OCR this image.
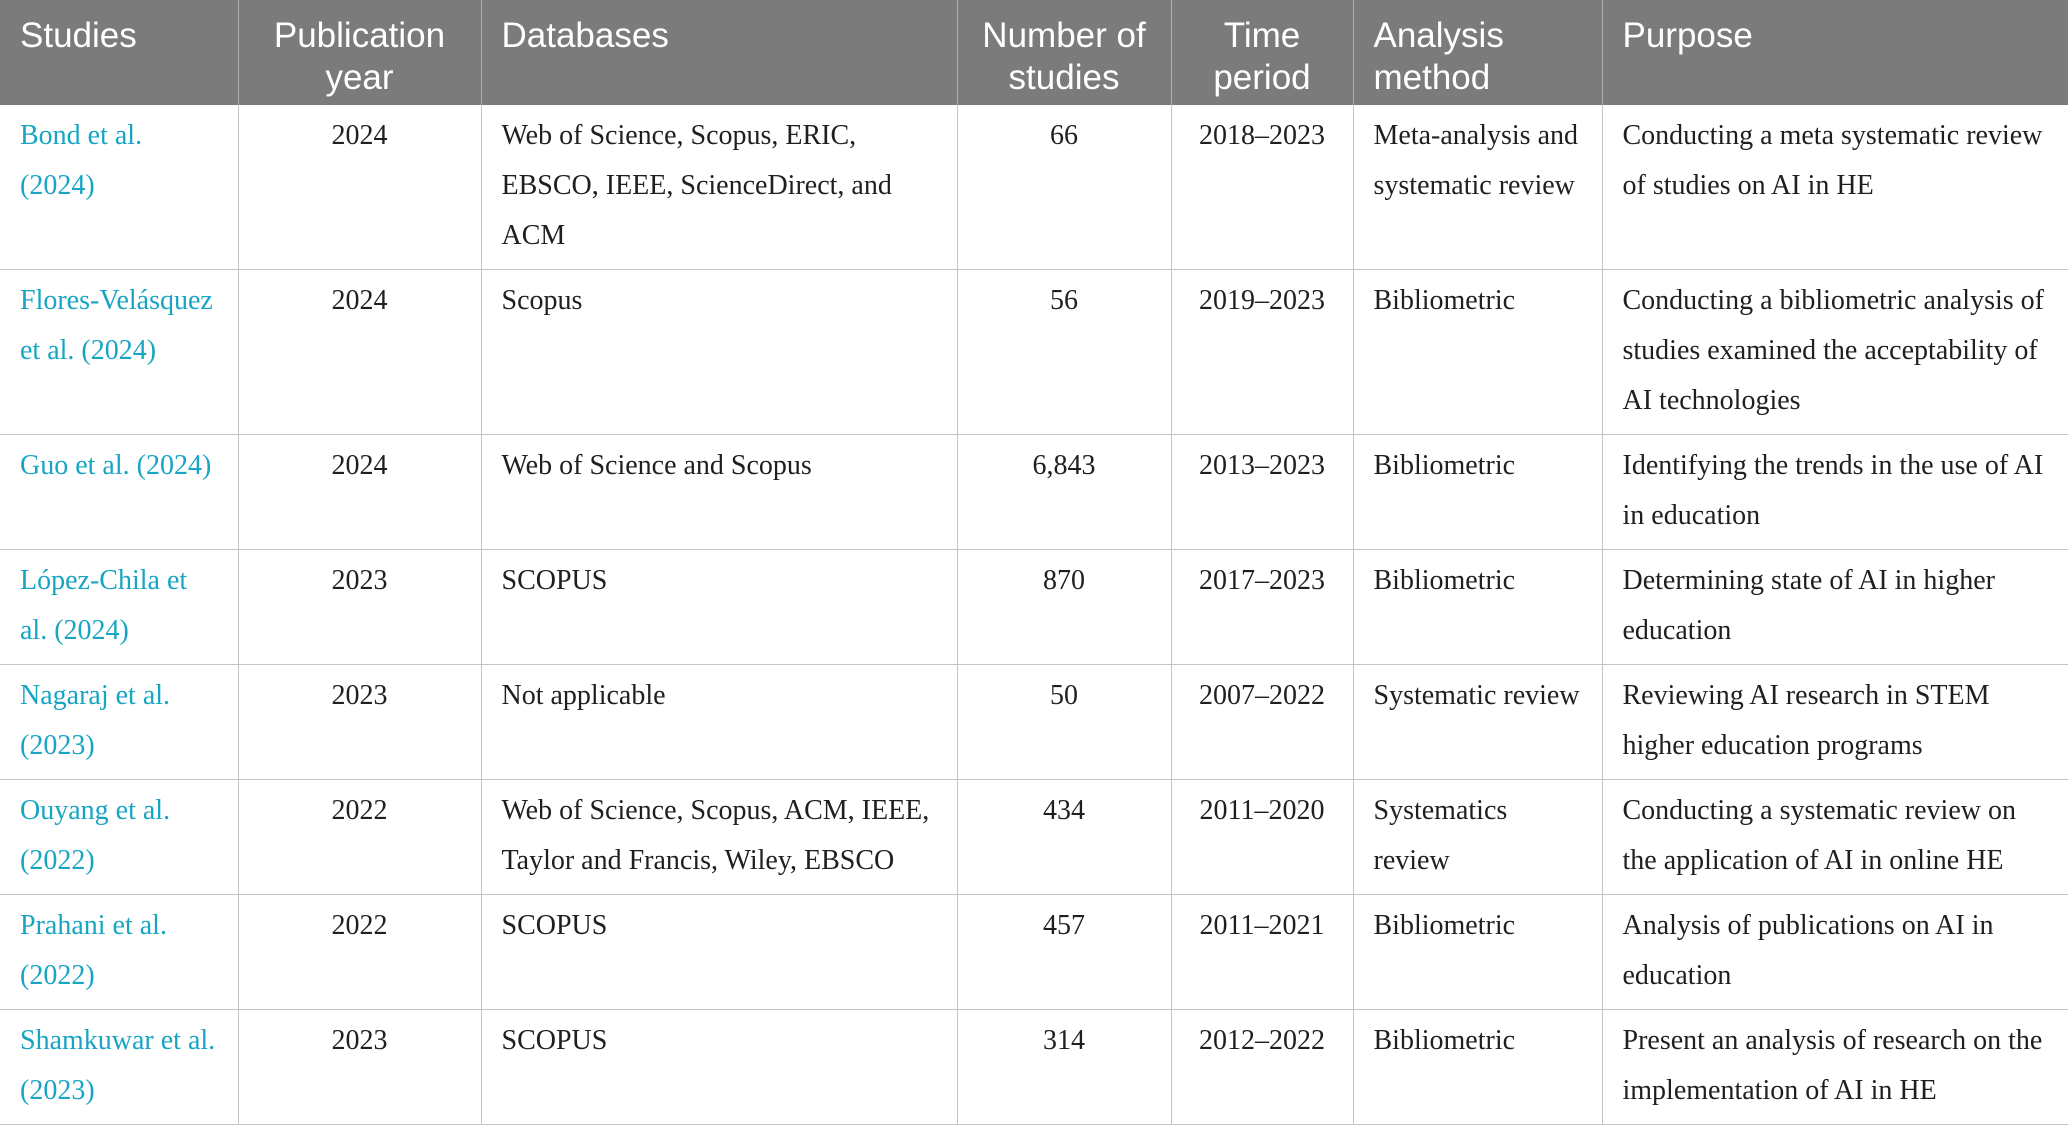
Studies	Publication year	Databases	Number of studies	Time period	Analysis method	Purpose
Bond et al. (2024)	2024	Web of Science, Scopus, ERIC, EBSCO, IEEE, ScienceDirect, and ACM	66	2018–2023	Meta-analysis and systematic review	Conducting a meta systematic review of studies on AI in HE
Flores-Velásquez et al. (2024)	2024	Scopus	56	2019–2023	Bibliometric	Conducting a bibliometric analysis of studies examined the acceptability of AI technologies
Guo et al. (2024)	2024	Web of Science and Scopus	6,843	2013–2023	Bibliometric	Identifying the trends in the use of AI in education
López-Chila et al. (2024)	2023	SCOPUS	870	2017–2023	Bibliometric	Determining state of AI in higher education
Nagaraj et al. (2023)	2023	Not applicable	50	2007–2022	Systematic review	Reviewing AI research in STEM higher education programs
Ouyang et al. (2022)	2022	Web of Science, Scopus, ACM, IEEE, Taylor and Francis, Wiley, EBSCO	434	2011–2020	Systematics review	Conducting a systematic review on the application of AI in online HE
Prahani et al. (2022)	2022	SCOPUS	457	2011–2021	Bibliometric	Analysis of publications on AI in education
Shamkuwar et al. (2023)	2023	SCOPUS	314	2012–2022	Bibliometric	Present an analysis of research on the implementation of AI in HE
